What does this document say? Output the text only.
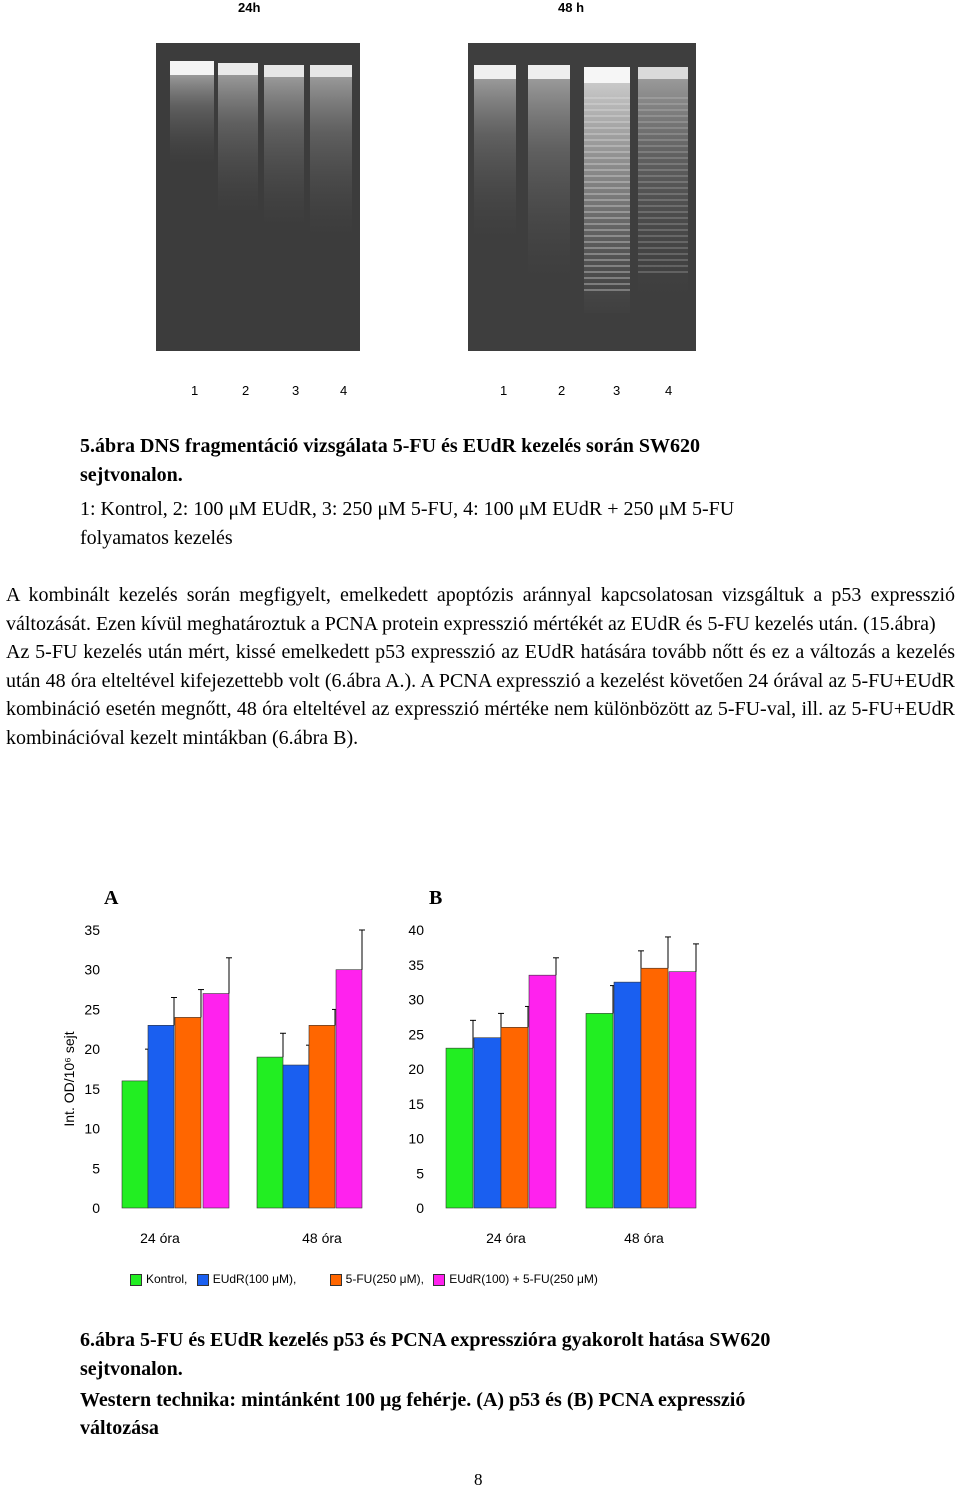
24h	48 h
1	2	3	4	1	2	3	4
5.ábra DNS fragmentáció vizsgálata 5-FU és EUdR kezelés során SW620
sejtvonalon.
1: Kontrol, 2: 100 μM EUdR, 3: 250 μM 5-FU, 4: 100 μM EUdR + 250 μM 5-FU
folyamatos kezelés

A kombinált kezelés során megfigyelt, emelkedett apoptózis aránnyal kapcsolatosan vizsgáltuk a p53 expresszió változását. Ezen kívül meghatároztuk a PCNA protein expresszió mértékét az EUdR és 5-FU kezelés után. (15.ábra)

Az 5-FU kezelés után mért, kissé emelkedett p53 expresszió az EUdR hatására tovább nőtt és ez a változás a kezelés után 48 óra elteltével kifejezettebb volt (6.ábra A.). A PCNA expresszió a kezelést követően 24 órával az 5-FU+EUdR kombináció esetén megnőtt, 48 óra elteltével az expresszió mértéke nem különbözött az 5-FU-val, ill. az 5-FU+EUdR kombinációval kezelt mintákban (6.ábra B).

A
0
5
10
15
20
25
30
35
Int. OD/10⁶ sejt
24 óra	48 óra
B
0
5
10
15
20
25
30
35
40
24 óra	48 óra
Kontrol, EUdR(100 μM),	5-FU(250 μM), EUdR(100) + 5-FU(250 μM)
6.ábra 5-FU és EUdR kezelés p53 és PCNA expresszióra gyakorolt hatása SW620
sejtvonalon.
Western technika: mintánként 100 μg fehérje. (A) p53 és (B) PCNA expresszió
változása
8
